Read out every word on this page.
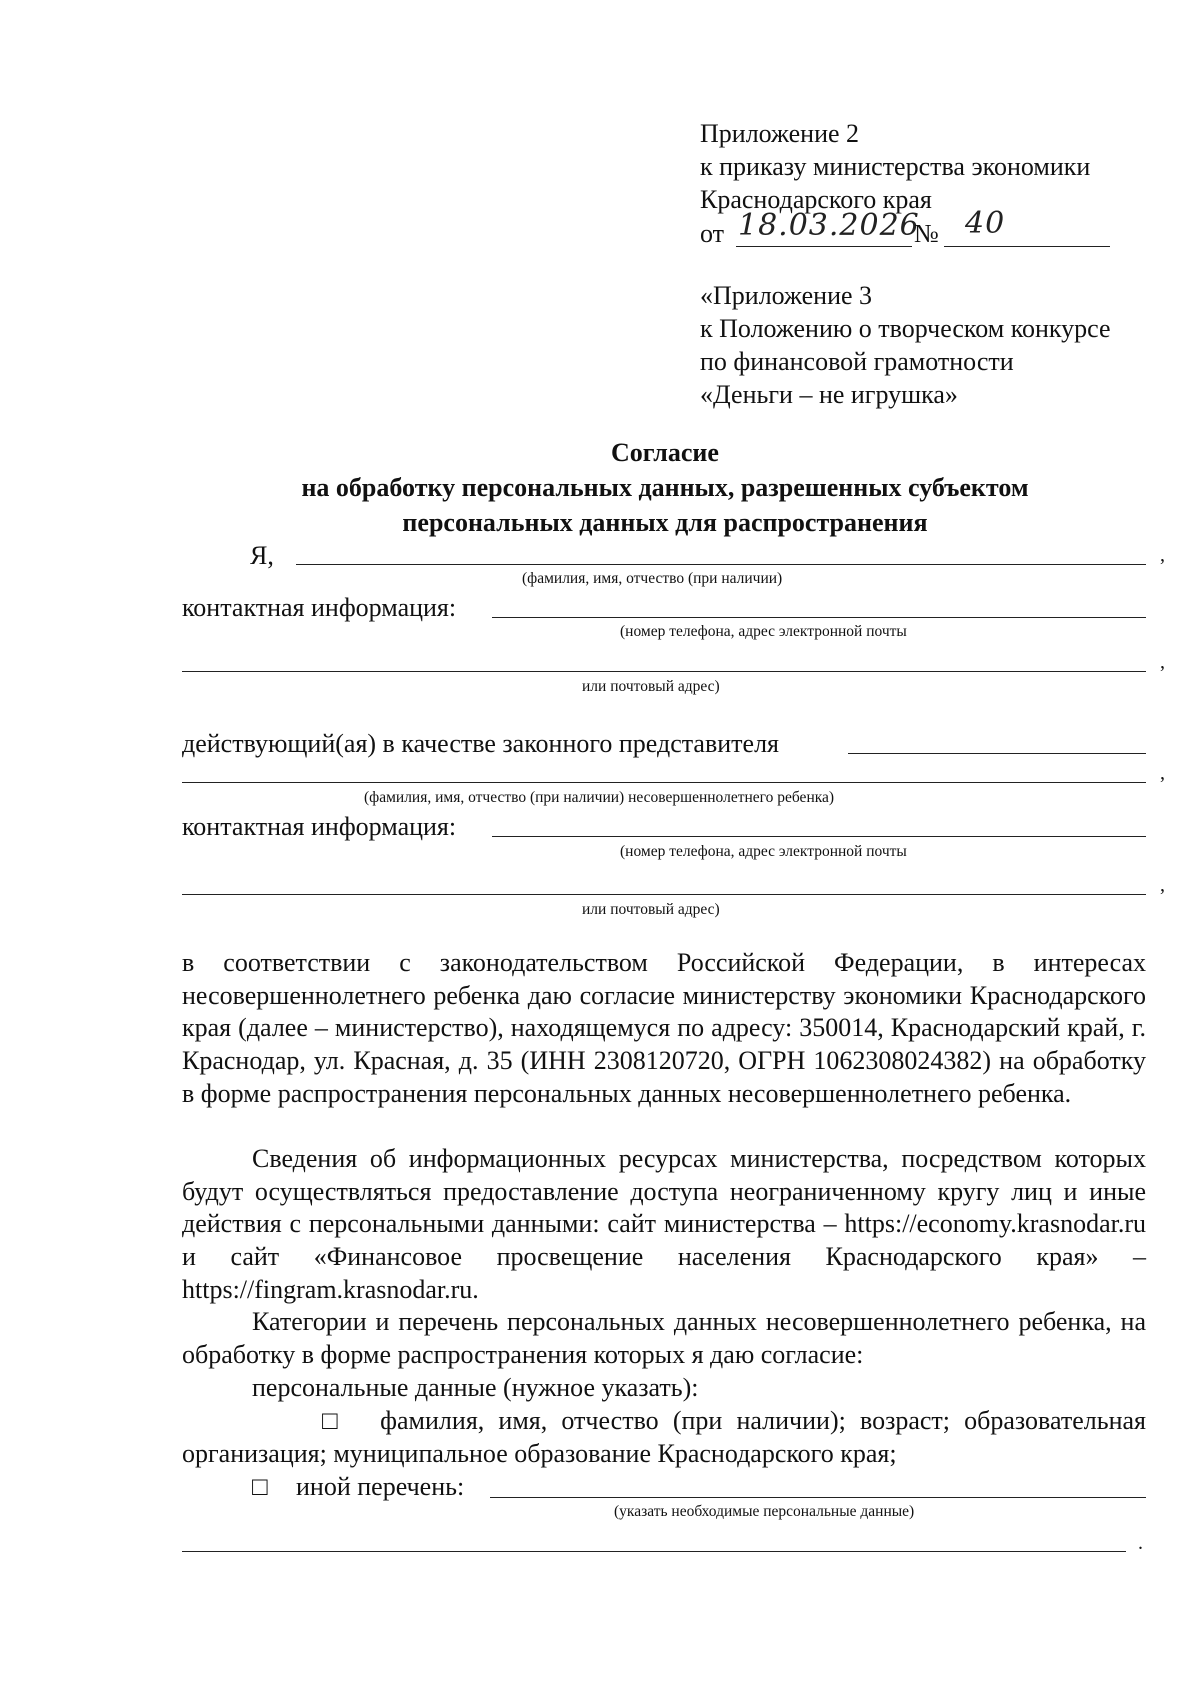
Приложение 2
к приказу министерства экономики
Краснодарского края
от 18.03.2026
№ 40
«Приложение 3
к Положению о творческом конкурсе
по финансовой грамотности
«Деньги – не игрушка»
Согласие
на обработку персональных данных, разрешенных субъектом
персональных данных для распространения
Я,	,
(фамилия, имя, отчество (при наличии)
контактная информация:
(номер телефона, адрес электронной почты
,
или почтовый адрес)
действующий(ая) в качестве законного представителя
,
(фамилия, имя, отчество (при наличии) несовершеннолетнего ребенка)
контактная информация:
(номер телефона, адрес электронной почты
,
или почтовый адрес)
в соответствии с законодательством Российской Федерации, в интересах несовершеннолетнего ребенка даю согласие министерству экономики Краснодарского края (далее – министерство), находящемуся по адресу: 350014, Краснодарский край, г. Краснодар, ул. Красная, д. 35 (ИНН 2308120720, ОГРН 1062308024382) на обработку в форме распространения персональных данных несовершеннолетнего ребенка.
Сведения об информационных ресурсах министерства, посредством которых будут осуществляться предоставление доступа неограниченному кругу лиц и иные действия с персональными данными: сайт министерства – https://economy.krasnodar.ru и сайт «Финансовое просвещение населения Краснодарского края» – https://fingram.krasnodar.ru.
Категории и перечень персональных данных несовершеннолетнего ребенка, на обработку в форме распространения которых я даю согласие:
персональные данные (нужное указать):
□ фамилия, имя, отчество (при наличии); возраст; образовательная организация; муниципальное образование Краснодарского края;
□ иной перечень:
(указать необходимые персональные данные)
.
